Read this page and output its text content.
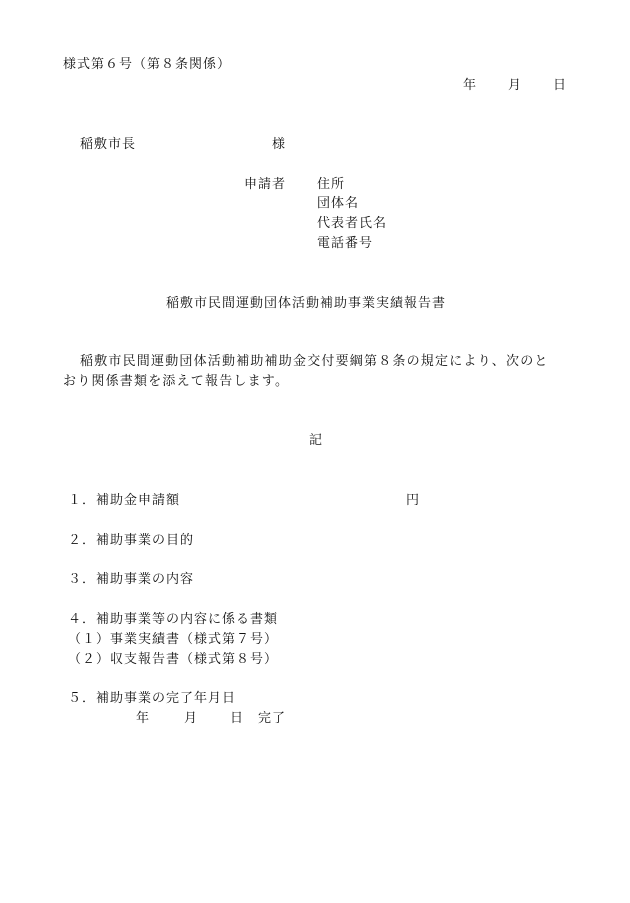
様式第６号（第８条関係）
年 月 日
稲敷市長	様
申請者 住所
団体名
代表者氏名
電話番号
稲敷市民間運動団体活動補助事業実績報告書
稲敷市民間運動団体活動補助補助金交付要綱第８条の規定により、次のと
おり関係書類を添えて報告します。
記
１．補助金申請額	円
２．補助事業の目的
３．補助事業の内容
４．補助事業等の内容に係る書類
（１）事業実績書（様式第７号）
（２）収支報告書（様式第８号）
５．補助事業の完了年月日
年	月 日 完了
